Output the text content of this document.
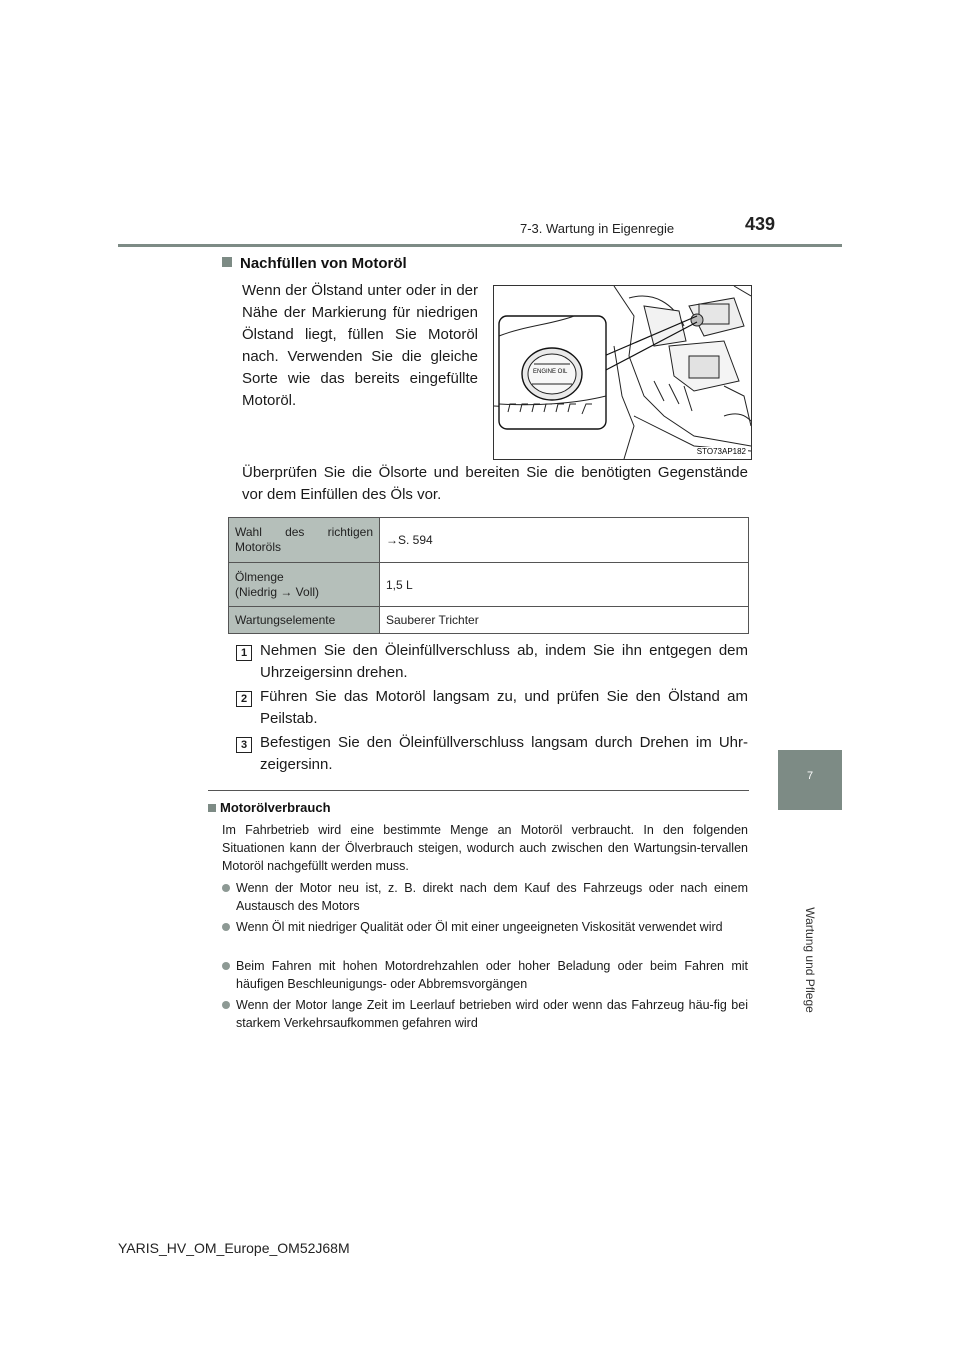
7-3. Wartung in Eigenregie	439
7
Wartung und Pflege
Nachfüllen von Motoröl
Wenn der Ölstand unter oder in der Nähe der Markierung für niedrigen Ölstand liegt, füllen Sie Motoröl nach. Verwenden Sie die gleiche Sorte wie das bereits eingefüllte Motoröl.
ENGINE OIL
STO73AP182
Überprüfen Sie die Ölsorte und bereiten Sie die benötigten Gegenstände vor dem Einfüllen des Öls vor.
Wahl des richtigen
Motoröls	→S. 594

Ölmenge
(Niedrig → Voll)	1,5 L
Wartungselemente	Sauberer Trichter
1 Nehmen Sie den Öleinfüllverschluss ab, indem Sie ihn entgegen dem Uhrzeigersinn drehen.
2 Führen Sie das Motoröl langsam zu, und prüfen Sie den Ölstand am Peilstab.
3 Befestigen Sie den Öleinfüllverschluss langsam durch Drehen im Uhr-zeigersinn.
Motorölverbrauch
Im Fahrbetrieb wird eine bestimmte Menge an Motoröl verbraucht. In den folgenden Situationen kann der Ölverbrauch steigen, wodurch auch zwischen den Wartungsin-tervallen Motoröl nachgefüllt werden muss.
Wenn der Motor neu ist, z. B. direkt nach dem Kauf des Fahrzeugs oder nach einem Austausch des Motors
Wenn Öl mit niedriger Qualität oder Öl mit einer ungeeigneten Viskosität verwendet wird
Beim Fahren mit hohen Motordrehzahlen oder hoher Beladung oder beim Fahren mit häufigen Beschleunigungs- oder Abbremsvorgängen
Wenn der Motor lange Zeit im Leerlauf betrieben wird oder wenn das Fahrzeug häu-fig bei starkem Verkehrsaufkommen gefahren wird
YARIS_HV_OM_Europe_OM52J68M
